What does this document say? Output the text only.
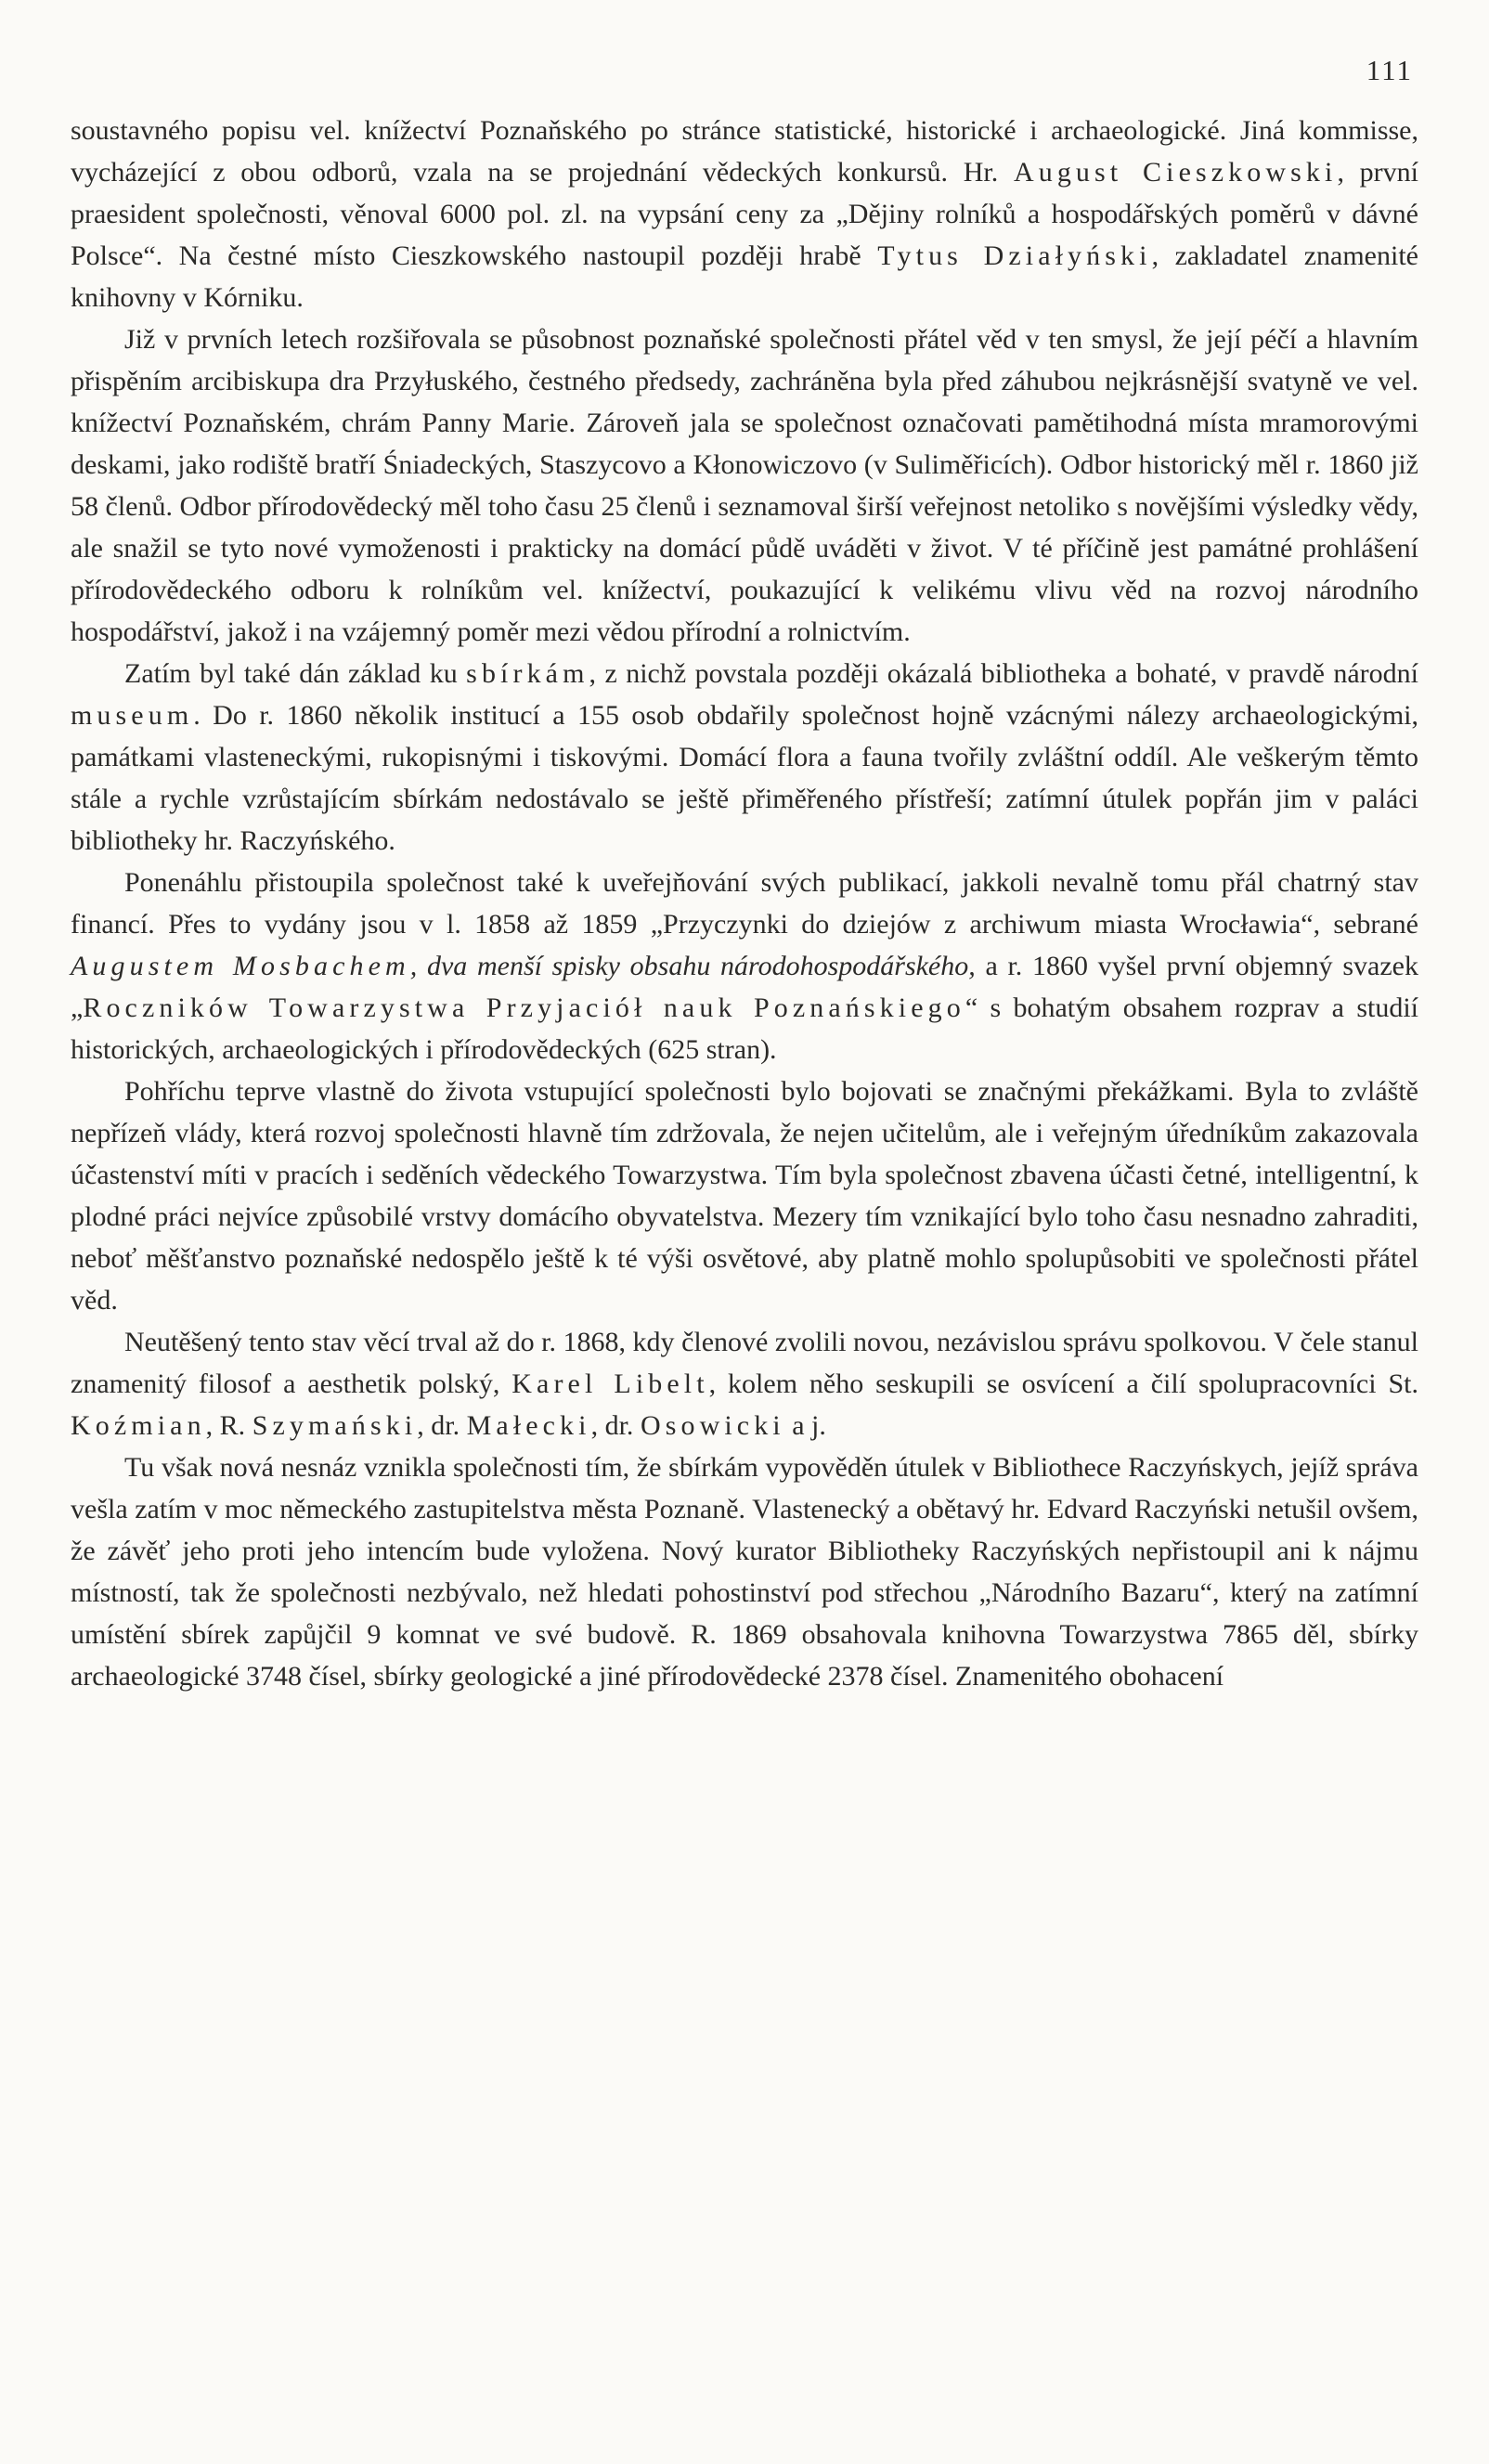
111

soustavného popisu vel. knížectví Poznaňského po stránce statistické, historické i archaeologické. Jiná kommisse, vycházející z obou odborů, vzala na se projednání vědeckých konkursů. Hr. August Cieszkowski, první praesident společnosti, věnoval 6000 pol. zl. na vypsání ceny za „Dějiny rolníků a hospodářských poměrů v dávné Polsce“. Na čestné místo Cieszkowského nastoupil později hrabě Tytus Działyński, zakladatel znamenité knihovny v Kórniku.

Již v prvních letech rozšiřovala se působnost poznaňské společnosti přátel věd v ten smysl, že její péčí a hlavním přispěním arcibiskupa dra Przyłuského, čestného předsedy, zachráněna byla před záhubou nejkrásnější svatyně ve vel. knížectví Poznaňském, chrám Panny Marie. Zároveň jala se společnost označovati pamětihodná místa mramorovými deskami, jako rodiště bratří Śniadeckých, Staszycovo a Kłonowiczovo (v Suliměřicích). Odbor historický měl r. 1860 již 58 členů. Odbor přírodovědecký měl toho času 25 členů i seznamoval širší veřejnost netoliko s novějšími výsledky vědy, ale snažil se tyto nové vymoženosti i prakticky na domácí půdě uváděti v život. V té příčině jest památné prohlášení přírodovědeckého odboru k rolníkům vel. knížectví, poukazující k velikému vlivu věd na rozvoj národního hospodářství, jakož i na vzájemný poměr mezi vědou přírodní a rolnictvím.

Zatím byl také dán základ ku sbírkám, z nichž povstala později okázalá bibliotheka a bohaté, v pravdě národní museum. Do r. 1860 několik institucí a 155 osob obdařily společnost hojně vzácnými nálezy archaeologickými, památkami vlasteneckými, rukopisnými i tiskovými. Domácí flora a fauna tvořily zvláštní oddíl. Ale veškerým těmto stále a rychle vzrůstajícím sbírkám nedostávalo se ještě přiměřeného přístřeší; zatímní útulek popřán jim v paláci bibliotheky hr. Raczyńského.

Ponenáhlu přistoupila společnost také k uveřejňování svých publikací, jakkoli nevalně tomu přál chatrný stav financí. Přes to vydány jsou v l. 1858 až 1859 „Przyczynki do dziejów z archiwum miasta Wrocławia“, sebrané Augustem Mosbachem, dva menší spisky obsahu národohospodářského, a r. 1860 vyšel první objemný svazek „Roczników Towarzystwa Przyjaciół nauk Poznańskiego“ s bohatým obsahem rozprav a studií historických, archaeologických i přírodovědeckých (625 stran).

Pohříchu teprve vlastně do života vstupující společnosti bylo bojovati se značnými překážkami. Byla to zvláště nepřízeň vlády, která rozvoj společnosti hlavně tím zdržovala, že nejen učitelům, ale i veřejným úředníkům zakazovala účastenství míti v pracích i seděních vědeckého Towarzystwa. Tím byla společnost zbavena účasti četné, intelligentní, k plodné práci nejvíce způsobilé vrstvy domácího obyvatelstva. Mezery tím vznikající bylo toho času nesnadno zahraditi, neboť měšťanstvo poznaňské nedospělo ještě k té výši osvětové, aby platně mohlo spolupůsobiti ve společnosti přátel věd.

Neutěšený tento stav věcí trval až do r. 1868, kdy členové zvolili novou, nezávislou správu spolkovou. V čele stanul znamenitý filosof a aesthetik polský, Karel Libelt, kolem něho seskupili se osvícení a čilí spolupracovníci St. Koźmian, R. Szymański, dr. Małecki, dr. Osowicki a j.

Tu však nová nesnáz vznikla společnosti tím, že sbírkám vypověděn útulek v Bibliothece Raczyńskych, jejíž správa vešla zatím v moc německého zastupitelstva města Poznaně. Vlastenecký a obětavý hr. Edvard Raczyński netušil ovšem, že závěť jeho proti jeho intencím bude vyložena. Nový kurator Bibliotheky Raczyńských nepřistoupil ani k nájmu místností, tak že společnosti nezbývalo, než hledati pohostinství pod střechou „Národního Bazaru“, který na zatímní umístění sbírek zapůjčil 9 komnat ve své budově. R. 1869 obsahovala knihovna Towarzystwa 7865 děl, sbírky archaeologické 3748 čísel, sbírky geologické a jiné přírodovědecké 2378 čísel. Znamenitého obohacení
